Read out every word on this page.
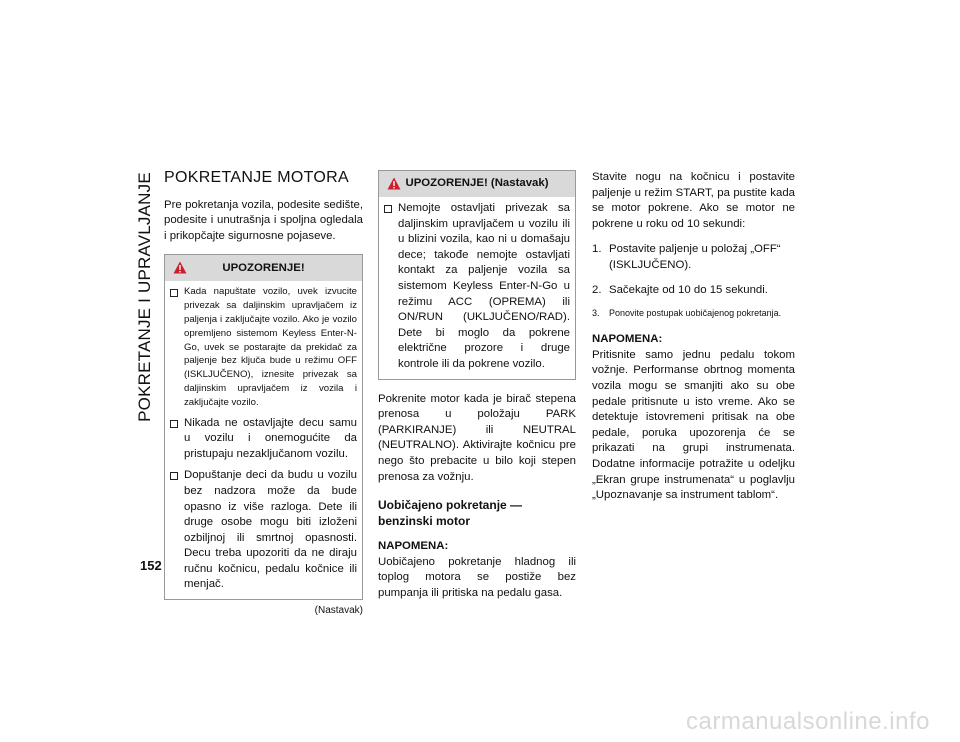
POKRETANJE I UPRAVLJANJE POKRETANJE MOTORA

Pre pokretanja vozila, podesite sedište, podesite i unutrašnja i spoljna ogledala i prikopčajte sigurnosne pojaseve.

UPOZORENJE!
Kada napuštate vozilo, uvek izvucite privezak sa daljinskim upravljačem iz paljenja i zaključajte vozilo. Ako je vozilo opremljeno sistemom Keyless Enter-N-Go, uvek se postarajte da prekidač za paljenje bez ključa bude u režimu OFF (ISKLJUČENO), iznesite privezak sa daljinskim upravljačem iz vozila i zaključajte vozilo.
Nikada ne ostavljajte decu samu u vozilu i onemogućite da pristupaju nezaključanom vozilu.
Dopuštanje deci da budu u vozilu bez nadzora može da bude opasno iz više razloga. Dete ili druge osobe mogu biti izloženi ozbiljnoj ili smrtnoj opasnosti. Decu treba upozoriti da ne diraju ručnu kočnicu, pedalu kočnice ili menjač.
(Nastavak)
UPOZORENJE! (Nastavak)
Nemojte ostavljati privezak sa daljinskim upravljačem u vozilu ili u blizini vozila, kao ni u domašaju dece; takođe nemojte ostavljati kontakt za paljenje vozila sa sistemom Keyless Enter-N-Go u režimu ACC (OPREMA) ili ON/RUN (UKLJUČENO/RAD). Dete bi moglo da pokrene električne prozore i druge kontrole ili da pokrene vozilo.

Pokrenite motor kada je birač stepena prenosa u položaju PARK (PARKIRANJE) ili NEUTRAL (NEUTRALNO). Aktivirajte kočnicu pre nego što prebacite u bilo koji stepen prenosa za vožnju.

Uobičajeno pokretanje — benzinski motor
NAPOMENA:

Uobičajeno pokretanje hladnog ili toplog motora se postiže bez pumpanja ili pritiska na pedalu gasa.

Stavite nogu na kočnicu i postavite paljenje u režim START, pa pustite kada se motor pokrene. Ako se motor ne pokrene u roku od 10 sekundi:

1. Postavite paljenje u položaj „OFF“ (ISKLJUČENO).
2. Sačekajte od 10 do 15 sekundi.
3.	Ponovite postupak uobičajenog pokretanja.
NAPOMENA:

Pritisnite samo jednu pedalu tokom vožnje. Performanse obrtnog momenta vozila mogu se smanjiti ako su obe pedale pritisnute u isto vreme. Ako se detektuje istovremeni pritisak na obe pedale, poruka upozorenja će se prikazati na grupi instrumenata. Dodatne informacije potražite u odeljku „Ekran grupe instrumenata“ u poglavlju „Upoznavanje sa instrument tablom“.

152
carmanualsonline.info
